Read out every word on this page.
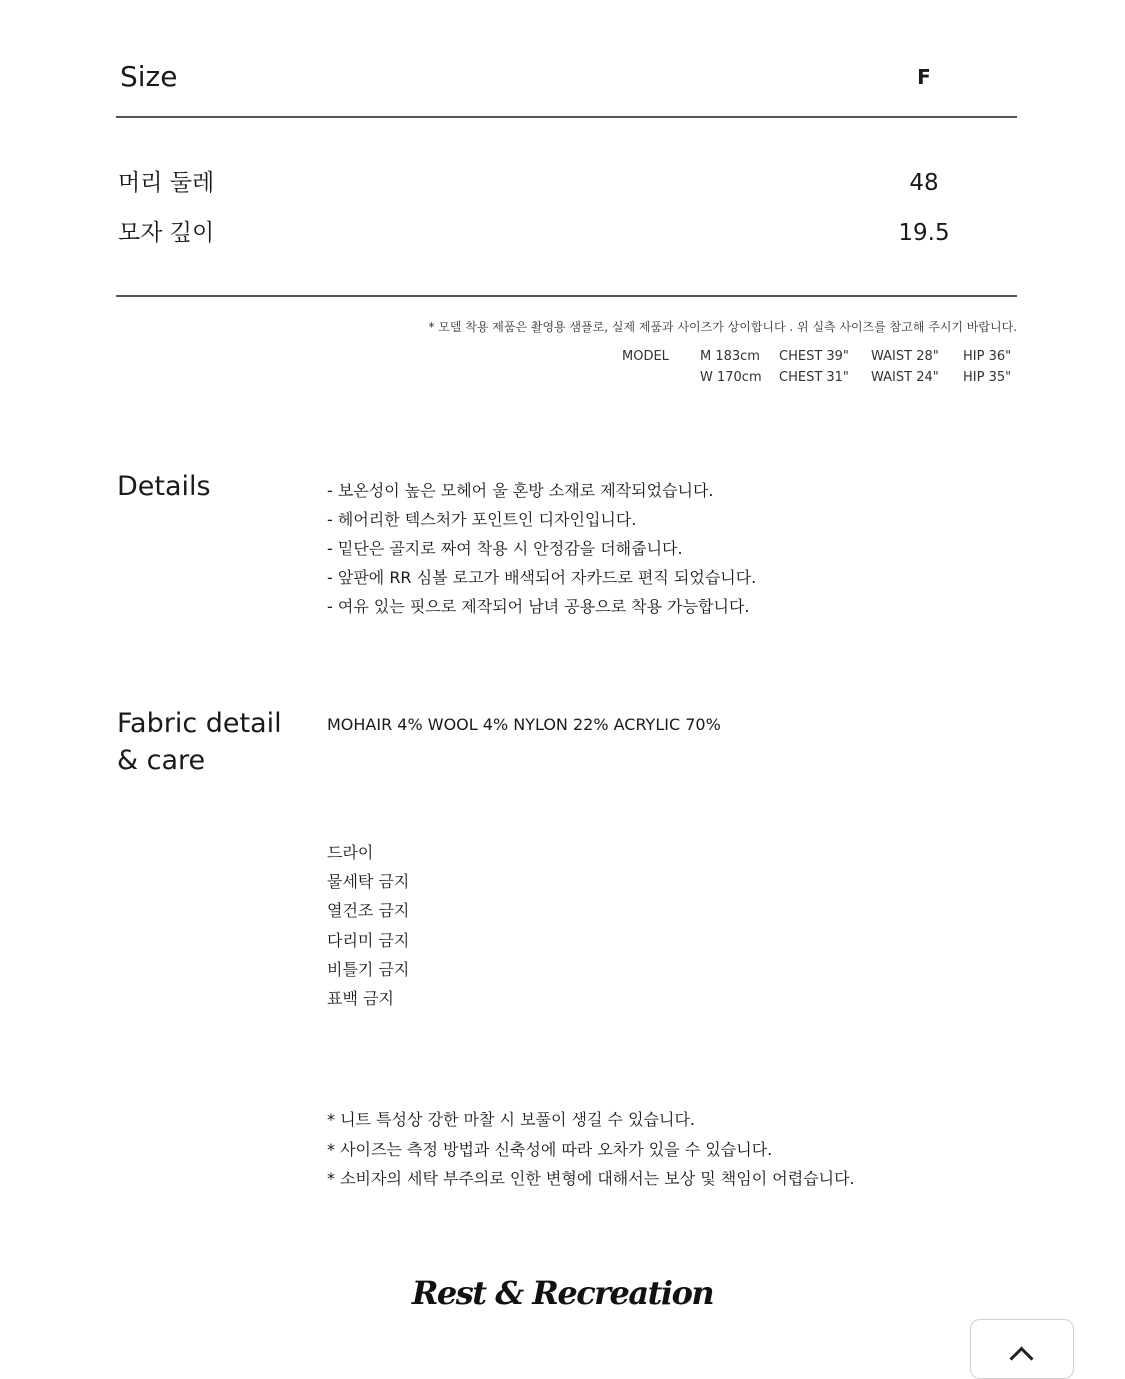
Size	F
머리 둘레	48
모자 깊이	19.5
* 모델 착용 제품은 촬영용 샘플로, 실제 제품과 사이즈가 상이합니다 . 위 실측 사이즈를 참고해 주시기 바랍니다.
MODEL M 183cm CHEST 39" WAIST 28" HIP 36"
W 170cm CHEST 31" WAIST 24" HIP 35"
Details	- 보온성이 높은 모헤어 울 혼방 소재로 제작되었습니다.
- 헤어리한 텍스처가 포인트인 디자인입니다.
- 밑단은 골지로 짜여 착용 시 안정감을 더해줍니다.
- 앞판에 RR 심볼 로고가 배색되어 자카드로 편직 되었습니다.
- 여유 있는 핏으로 제작되어 남녀 공용으로 착용 가능합니다.
Fabric detail
& care
MOHAIR 4% WOOL 4% NYLON 22% ACRYLIC 70%
드라이
물세탁 금지
열건조 금지
다리미 금지
비틀기 금지
표백 금지
* 니트 특성상 강한 마찰 시 보풀이 생길 수 있습니다.
* 사이즈는 측정 방법과 신축성에 따라 오차가 있을 수 있습니다.
* 소비자의 세탁 부주의로 인한 변형에 대해서는 보상 및 책임이 어렵습니다.
Rest & Recreation
